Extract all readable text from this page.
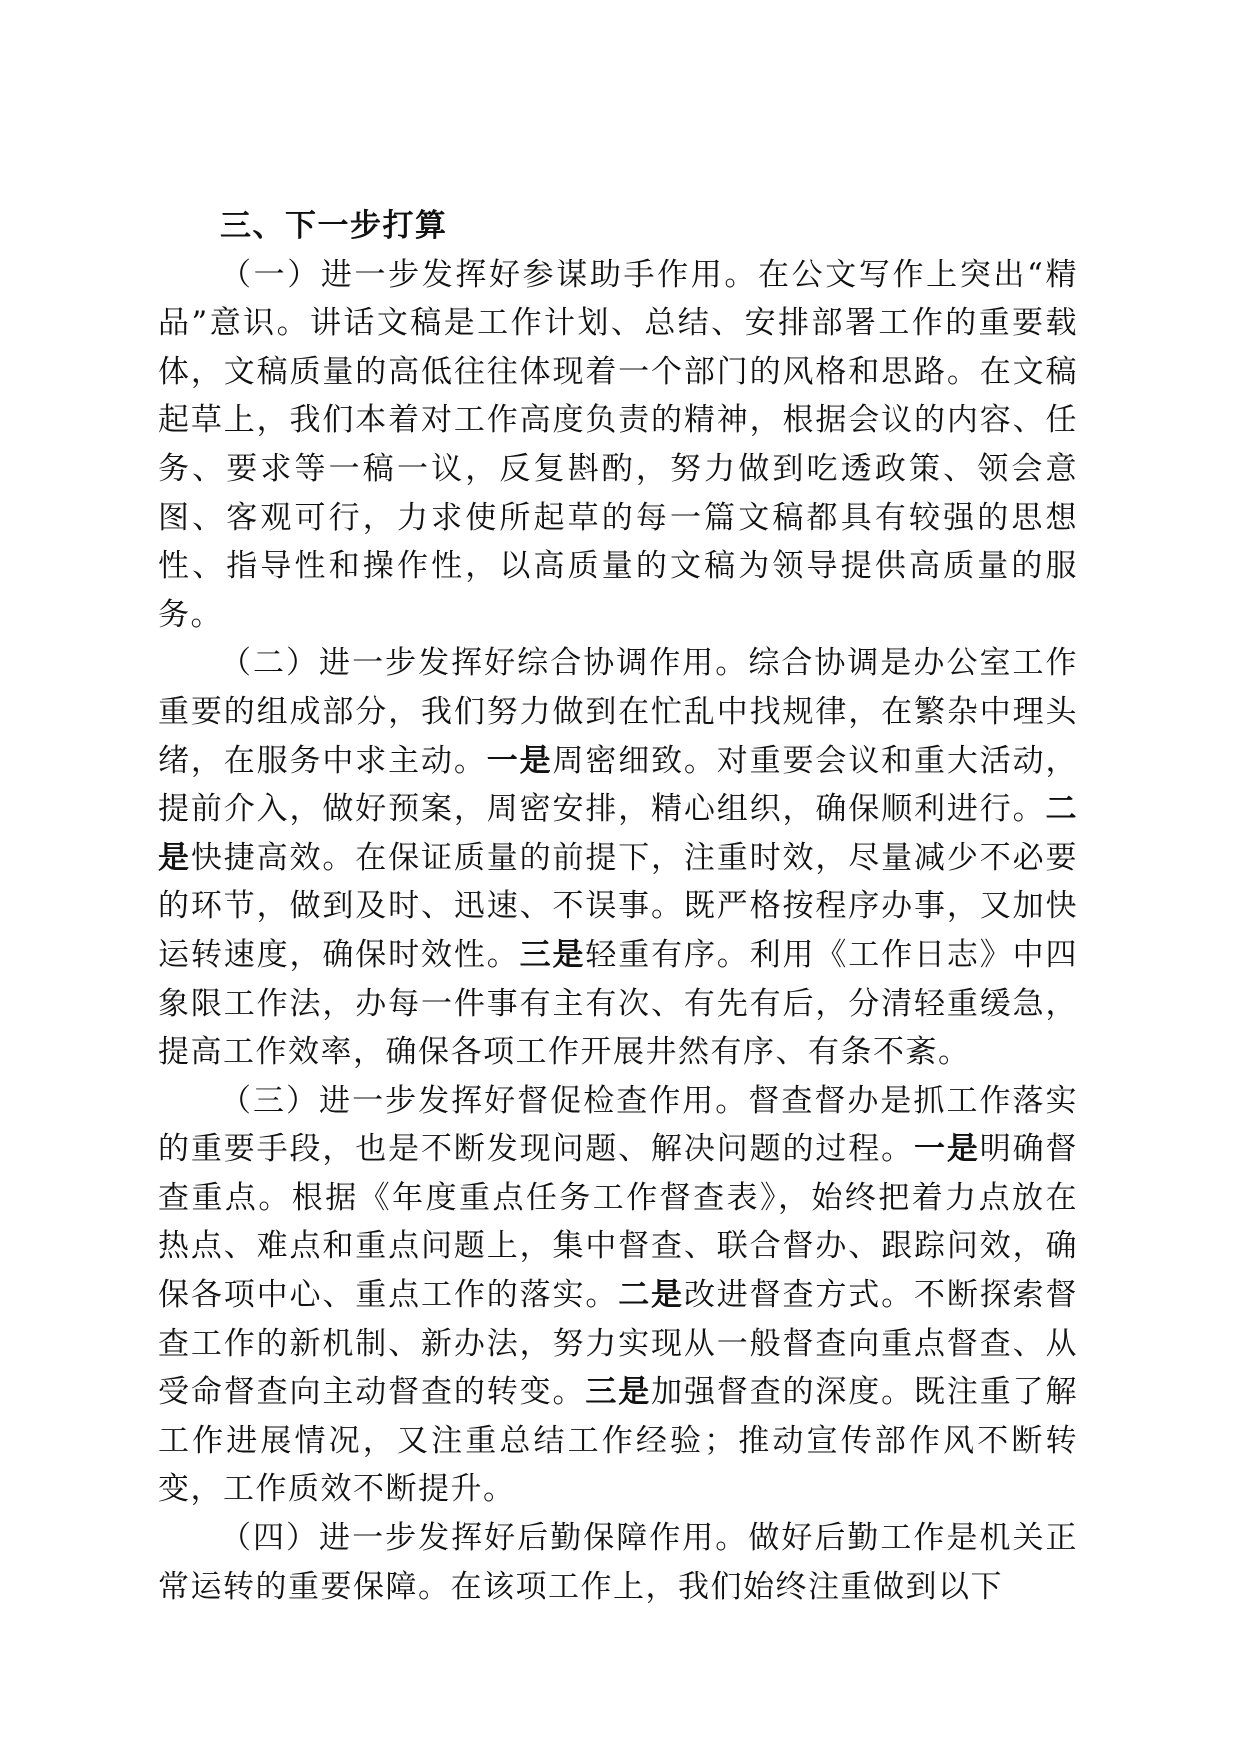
三、下一步打算

（一）进一步发挥好参谋助手作用。在公文写作上突出“精品”意识。讲话文稿是工作计划、总结、安排部署工作的重要载体，文稿质量的高低往往体现着一个部门的风格和思路。在文稿起草上，我们本着对工作高度负责的精神，根据会议的内容、任务、要求等一稿一议，反复斟酌，努力做到吃透政策、领会意图、客观可行，力求使所起草的每一篇文稿都具有较强的思想性、指导性和操作性，以高质量的文稿为领导提供高质量的服务。

（二）进一步发挥好综合协调作用。综合协调是办公室工作重要的组成部分，我们努力做到在忙乱中找规律，在繁杂中理头绪，在服务中求主动。一是周密细致。对重要会议和重大活动，提前介入，做好预案，周密安排，精心组织，确保顺利进行。二是快捷高效。在保证质量的前提下，注重时效，尽量减少不必要的环节，做到及时、迅速、不误事。既严格按程序办事，又加快运转速度，确保时效性。三是轻重有序。利用《工作日志》中四象限工作法，办每一件事有主有次、有先有后，分清轻重缓急，提高工作效率，确保各项工作开展井然有序、有条不紊。

（三）进一步发挥好督促检查作用。督查督办是抓工作落实的重要手段，也是不断发现问题、解决问题的过程。一是明确督查重点。根据《年度重点任务工作督查表》，始终把着力点放在热点、难点和重点问题上，集中督查、联合督办、跟踪问效，确保各项中心、重点工作的落实。二是改进督查方式。不断探索督查工作的新机制、新办法，努力实现从一般督查向重点督查、从受命督查向主动督查的转变。三是加强督查的深度。既注重了解工作进展情况，又注重总结工作经验；推动宣传部作风不断转变，工作质效不断提升。

（四）进一步发挥好后勤保障作用。做好后勤工作是机关正常运转的重要保障。在该项工作上，我们始终注重做到以下
